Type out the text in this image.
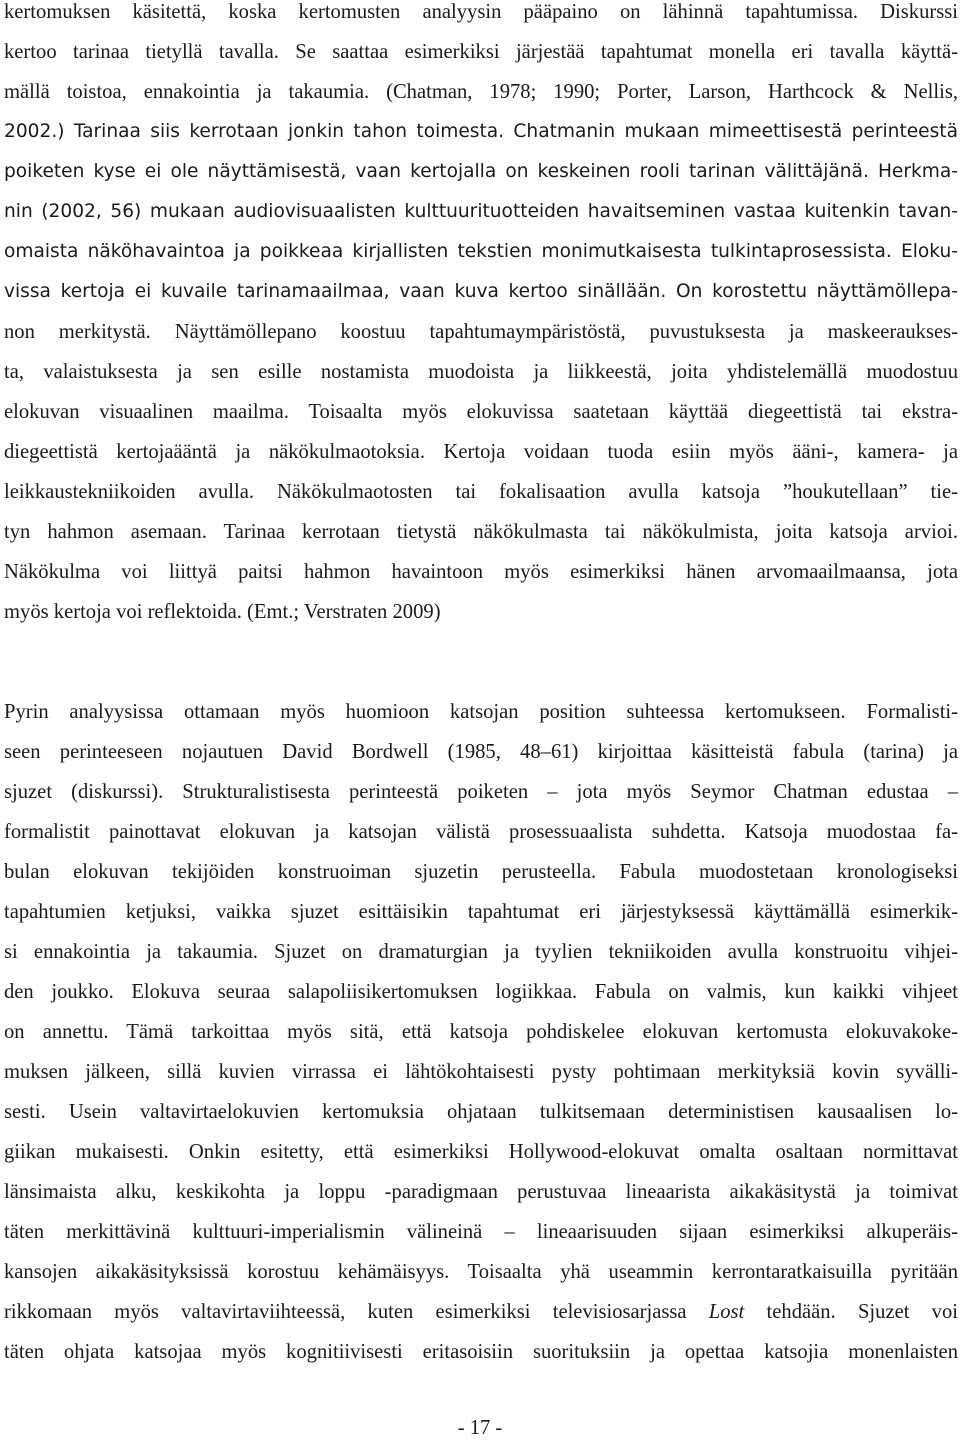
kertomuksen käsitettä, koska kertomusten analyysin pääpaino on lähinnä tapahtumissa. Diskurssi
kertoo tarinaa tietyllä tavalla. Se saattaa esimerkiksi järjestää tapahtumat monella eri tavalla käyttä-
mällä toistoa, ennakointia ja takaumia. (Chatman, 1978; 1990; Porter, Larson, Harthcock & Nellis,
2002.) Tarinaa siis kerrotaan jonkin tahon toimesta. Chatmanin mukaan mimeettisestä perinteestä
poiketen kyse ei ole näyttämisestä, vaan kertojalla on keskeinen rooli tarinan välittäjänä. Herkma-
nin (2002, 56) mukaan audiovisuaalisten kulttuurituotteiden havaitseminen vastaa kuitenkin tavan-
omaista näköhavaintoa ja poikkeaa kirjallisten tekstien monimutkaisesta tulkintaprosessista. Eloku-
vissa kertoja ei kuvaile tarinamaailmaa, vaan kuva kertoo sinällään. On korostettu näyttämöllepa-
non merkitystä. Näyttämöllepano koostuu tapahtumaympäristöstä, puvustuksesta ja maskeeraukses-
ta, valaistuksesta ja sen esille nostamista muodoista ja liikkeestä, joita yhdistelemällä muodostuu
elokuvan visuaalinen maailma. Toisaalta myös elokuvissa saatetaan käyttää diegeettistä tai ekstra-
diegeettistä kertojaääntä ja näkökulmaotoksia. Kertoja voidaan tuoda esiin myös ääni-, kamera- ja
leikkaustekniikoiden avulla. Näkökulmaotosten tai fokalisaation avulla katsoja ”houkutellaan” tie-
tyn hahmon asemaan. Tarinaa kerrotaan tietystä näkökulmasta tai näkökulmista, joita katsoja arvioi.
Näkökulma voi liittyä paitsi hahmon havaintoon myös esimerkiksi hänen arvomaailmaansa, jota
myös kertoja voi reflektoida. (Emt.; Verstraten 2009)
Pyrin analyysissa ottamaan myös huomioon katsojan position suhteessa kertomukseen. Formalisti-
seen perinteeseen nojautuen David Bordwell (1985, 48–61) kirjoittaa käsitteistä fabula (tarina) ja
sjuzet (diskurssi). Strukturalistisesta perinteestä poiketen – jota myös Seymor Chatman edustaa –
formalistit painottavat elokuvan ja katsojan välistä prosessuaalista suhdetta. Katsoja muodostaa fa-
bulan elokuvan tekijöiden konstruoiman sjuzetin perusteella. Fabula muodostetaan kronologiseksi
tapahtumien ketjuksi, vaikka sjuzet esittäisikin tapahtumat eri järjestyksessä käyttämällä esimerkik-
si ennakointia ja takaumia. Sjuzet on dramaturgian ja tyylien tekniikoiden avulla konstruoitu vihjei-
den joukko. Elokuva seuraa salapoliisikertomuksen logiikkaa. Fabula on valmis, kun kaikki vihjeet
on annettu. Tämä tarkoittaa myös sitä, että katsoja pohdiskelee elokuvan kertomusta elokuvakoke-
muksen jälkeen, sillä kuvien virrassa ei lähtökohtaisesti pysty pohtimaan merkityksiä kovin syvälli-
sesti. Usein valtavirtaelokuvien kertomuksia ohjataan tulkitsemaan deterministisen kausaalisen lo-
giikan mukaisesti. Onkin esitetty, että esimerkiksi Hollywood-elokuvat omalta osaltaan normittavat
länsimaista alku, keskikohta ja loppu -paradigmaan perustuvaa lineaarista aikakäsitystä ja toimivat
täten merkittävinä kulttuuri-imperialismin välineinä – lineaarisuuden sijaan esimerkiksi alkuperäis-
kansojen aikakäsityksissä korostuu kehämäisyys. Toisaalta yhä useammin kerrontaratkaisuilla pyritään
rikkomaan myös valtavirtaviihteessä, kuten esimerkiksi televisiosarjassa Lost tehdään. Sjuzet voi
täten ohjata katsojaa myös kognitiivisesti eritasoisiin suorituksiin ja opettaa katsojia monenlaisten
- 17 -
